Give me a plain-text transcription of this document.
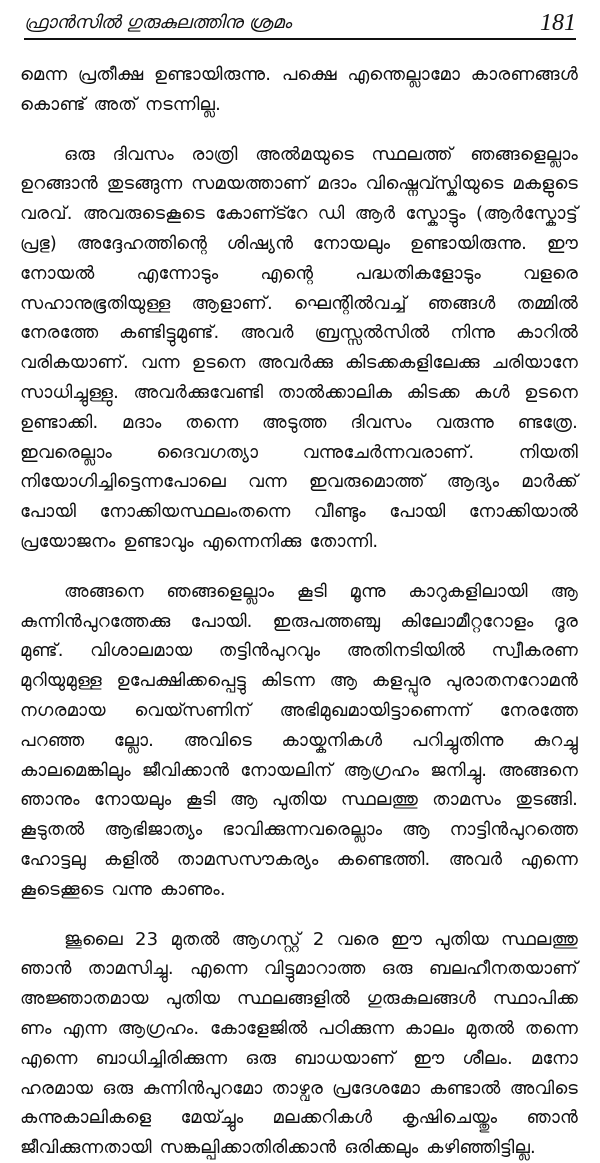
ഫ്രാൻസിൽ ഗുരുകുലത്തിനു ശ്രമം	181

മെന്ന പ്രതീക്ഷ ഉണ്ടായിരുന്നു. പക്ഷെ എന്തെല്ലാമോ കാരണങ്ങൾ കൊണ്ട് അത് നടന്നില്ല.

ഒരു ദിവസം രാത്രി അൽമയുടെ സ്ഥലത്ത് ഞങ്ങളെല്ലാം ഉറങ്ങാൻ തുടങ്ങുന്ന സമയത്താണ് മദാം വിഷ്നെവ്സ്കിയുടെ മകളുടെ വരവ്. അവരുടെകൂടെ കോണ്ട്റേ ഡി ആർ സ്കോട്ടും (ആർസ്കോട്ട് പ്രഭു) അദ്ദേഹത്തിന്റെ ശിഷ്യൻ നോയലും ഉണ്ടായിരുന്നു. ഈ നോയൽ എന്നോടും എന്റെ പദ്ധതികളോടും വളരെ സഹാനുഭൂതിയുള്ള ആളാണ്. ഘെന്റിൽവച്ച് ഞങ്ങൾ തമ്മിൽ നേരത്തേ കണ്ടിട്ടുമുണ്ട്. അവർ ബ്രസ്സൽസിൽ നിന്നു കാറിൽ വരികയാണ്. വന്ന ഉടനെ അവർക്കു കിടക്കകളിലേക്കു ചരിയാനേ സാധിച്ചുള്ളു. അവർക്കുവേണ്ടി താൽക്കാലിക കിടക്ക കൾ ഉടനെ ഉണ്ടാക്കി. മദാം തന്നെ അടുത്ത ദിവസം വരുന്നു ണ്ടത്രേ. ഇവരെല്ലാം ദൈവഗത്യാ വന്നുചേർന്നവരാണ്. നിയതി നിയോഗിച്ചിട്ടെന്നപോലെ വന്ന ഇവരുമൊത്ത് ആദ്യം മാർക്ക് പോയി നോക്കിയസ്ഥലംതന്നെ വീണ്ടും പോയി നോക്കിയാൽ പ്രയോജനം ഉണ്ടാവും എന്നെനിക്കു തോന്നി.

അങ്ങനെ ഞങ്ങളെല്ലാം കൂടി മൂന്നു കാറുകളിലായി ആ കുന്നിൻപുറത്തേക്കു പോയി. ഇരുപത്തഞ്ചു കിലോമീറ്ററോളം ദൂര മുണ്ട്. വിശാലമായ തട്ടിൻപുറവും അതിനടിയിൽ സ്വീകരണ മുറിയുമുള്ള ഉപേക്ഷിക്കപ്പെട്ടു കിടന്ന ആ കളപ്പുര പുരാതനറോമൻ നഗരമായ വെയ്സണിന് അഭിമുഖമായിട്ടാണെന്ന് നേരത്തേ പറഞ്ഞ ല്ലോ. അവിടെ കായ്കനികൾ പറിച്ചുതിന്നു കുറച്ചു കാലമെങ്കിലും ജീവിക്കാൻ നോയലിന് ആഗ്രഹം ജനിച്ചു. അങ്ങനെ ഞാനും നോയലും കൂടി ആ പുതിയ സ്ഥലത്തു താമസം തുടങ്ങി. കൂടുതൽ ആഭിജാത്യം ഭാവിക്കുന്നവരെല്ലാം ആ നാട്ടിൻപുറത്തെ ഹോട്ടലു കളിൽ താമസസൗകര്യം കണ്ടെത്തി. അവർ എന്നെ കൂടെക്കൂടെ വന്നു കാണും.

ജൂലൈ 23 മുതൽ ആഗസ്റ്റ് 2 വരെ ഈ പുതിയ സ്ഥലത്തു ഞാൻ താമസിച്ചു. എന്നെ വിട്ടുമാറാത്ത ഒരു ബലഹീനതയാണ് അജ്ഞാതമായ പുതിയ സ്ഥലങ്ങളിൽ ഗുരുകുലങ്ങൾ സ്ഥാപിക്ക ണം എന്ന ആഗ്രഹം. കോളേജിൽ പഠിക്കുന്ന കാലം മുതൽ തന്നെ എന്നെ ബാധിച്ചിരിക്കുന്ന ഒരു ബാധയാണ് ഈ ശീലം. മനോ ഹരമായ ഒരു കുന്നിൻപുറമോ താഴ്വര പ്രദേശമോ കണ്ടാൽ അവിടെ കന്നുകാലികളെ മേയ്ച്ചും മലക്കറികൾ കൃഷിചെയ്തും ഞാൻ ജീവിക്കുന്നതായി സങ്കല്പിക്കാതിരിക്കാൻ ഒരിക്കലും കഴിഞ്ഞിട്ടില്ല.
